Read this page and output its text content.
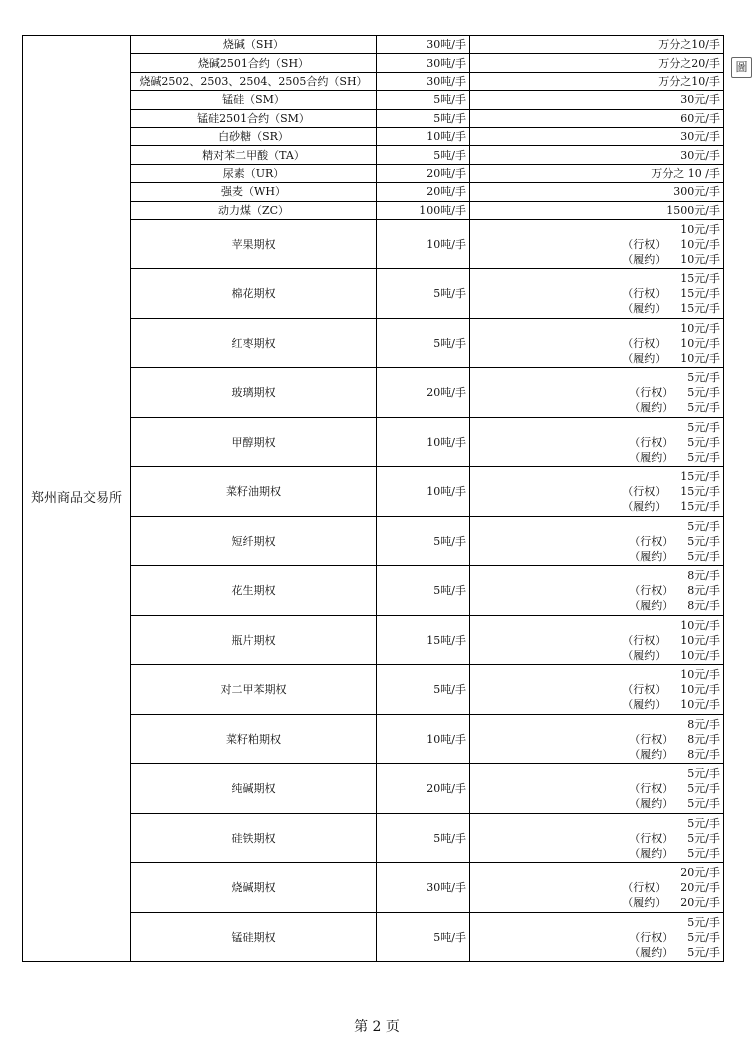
圖
郑州商品交易所	烧碱（SH）	30吨/手	万分之10/手
	烧碱2501合约（SH）	30吨/手	万分之20/手
	烧碱2502、2503、2504、2505合约（SH）	30吨/手	万分之10/手
	锰硅（SM）	5吨/手	30元/手
	锰硅2501合约（SM）	5吨/手	60元/手
	白砂糖（SR）	10吨/手	30元/手
	精对苯二甲酸（TA）	5吨/手	30元/手
	尿素（UR）	20吨/手	万分之 10 /手
	强麦（WH）	20吨/手	300元/手
	动力煤（ZC）	100吨/手	1500元/手
	苹果期权	10吨/手	10元/手
（行权） 10元/手
（履约） 10元/手

	棉花期权	5吨/手	15元/手
（行权） 15元/手
（履约） 15元/手

	红枣期权	5吨/手	10元/手
（行权） 10元/手
（履约） 10元/手

	玻璃期权	20吨/手	5元/手
（行权） 5元/手
（履约） 5元/手

	甲醇期权	10吨/手	5元/手
（行权） 5元/手
（履约） 5元/手

	菜籽油期权	10吨/手	15元/手
（行权） 15元/手
（履约） 15元/手

	短纤期权	5吨/手	5元/手
（行权） 5元/手
（履约） 5元/手

	花生期权	5吨/手	8元/手
（行权） 8元/手
（履约） 8元/手

	瓶片期权	15吨/手	10元/手
（行权） 10元/手
（履约） 10元/手

	对二甲苯期权	5吨/手	10元/手
（行权） 10元/手
（履约） 10元/手

	菜籽粕期权	10吨/手	8元/手
（行权） 8元/手
（履约） 8元/手

	纯碱期权	20吨/手	5元/手
（行权） 5元/手
（履约） 5元/手

	硅铁期权	5吨/手	5元/手
（行权） 5元/手
（履约） 5元/手

	烧碱期权	30吨/手	20元/手
（行权） 20元/手
（履约） 20元/手

	锰硅期权	5吨/手	5元/手
（行权） 5元/手
（履约） 5元/手
第 2 页
